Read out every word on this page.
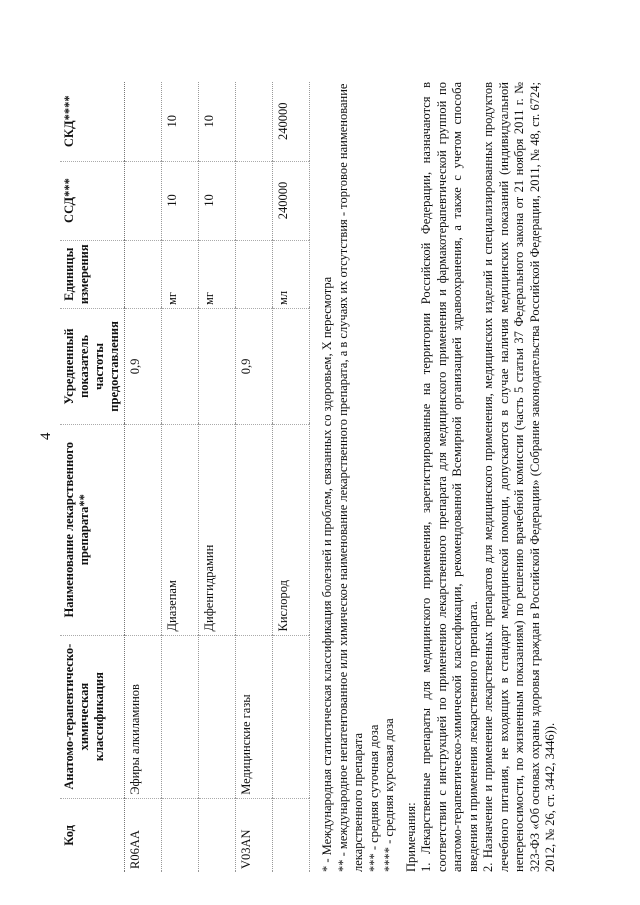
4
Код	Анатомо-терапевтическо-химическая классификация	Наименование лекарственного препарата**	Усредненный показатель частоты предоставления	Единицы измерения	ССД***	СКД****
R06AA	Эфиры алкиламинов		0,9			
		Диазепам		мг	10	10
		Дифенгидрамин		мг	10	10
V03AN	Медицинские газы		0,9			
		Кислород		мл	240000	240000

* - Международная статистическая классификация болезней и проблем, связанных со здоровьем, X пересмотра ** - международное непатентованное или химическое наименование лекарственного препарата, а в случаях их отсутствия - торговое наименование лекарственного препарата *** - средняя суточная доза **** - средняя курсовая доза Примечания: 1. Лекарственные препараты для медицинского применения, зарегистрированные на территории Российской Федерации, назначаются в соответствии с инструкцией по применению лекарственного препарата для медицинского применения и фармакотерапевтической группой по анатомо-терапевтическо-химической классификации, рекомендованной Всемирной организацией здравоохранения, а также с учетом способа введения и применения лекарственного препарата. 2. Назначение и применение лекарственных препаратов для медицинского применения, медицинских изделий и специализированных продуктов лечебного питания, не входящих в стандарт медицинской помощи, допускаются в случае наличия медицинских показаний (индивидуальной непереносимости, по жизненным показаниям) по решению врачебной комиссии (часть 5 статьи 37 Федерального закона от 21 ноября 2011 г. № 323-ФЗ «Об основах охраны здоровья граждан в Российской Федерации» (Собрание законодательства Российской Федерации, 2011, № 48, ст. 6724; 2012, № 26, ст. 3442, 3446)).
